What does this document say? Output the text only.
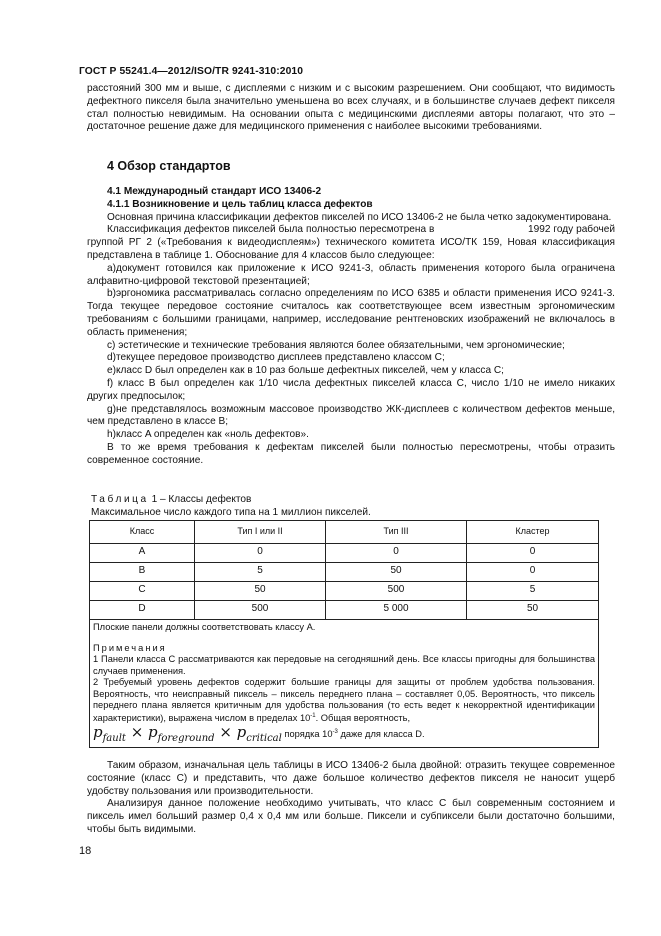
ГОСТ Р 55241.4—2012/ISO/TR 9241-310:2010

расстояний 300 мм и выше, с дисплеями с низким и с высоким разрешением. Они сообщают, что видимость дефектного пикселя была значительно уменьшена во всех случаях, и в большинстве случаев дефект пикселя стал полностью невидимым. На основании опыта с медицинскими дисплеями авторы полагают, что это – достаточное решение даже для медицинского применения с наиболее высокими требованиями.

4 Обзор стандартов
4.1 Международный стандарт ИСО 13406-2
4.1.1 Возникновение и цель таблиц класса дефектов

Основная причина классификации дефектов пикселей по ИСО 13406-2 не была четко задокументирована.

Классификация дефектов пикселей была полностью пересмотрена в                                1992 году рабочей группой РГ 2 («Требования к видеодисплеям») технического комитета ИСО/ТК 159, Новая классификация представлена в таблице 1. Обоснование для 4 классов было следующее:

a)документ готовился как приложение к ИСО 9241-3, область применения которого была ограничена алфавитно-цифровой текстовой презентацией;

b)эргономика рассматривалась согласно определениям по ИСО 6385 и области применения ИСО 9241-3. Тогда текущее передовое состояние считалось как соответствующее всем известным эргономическим требованиям с большими границами, например, исследование рентгеновских изображений не включалось в область применения;

c) эстетические и технические требования являются более обязательными, чем эргономические;

d)текущее передовое производство дисплеев представлено классом C;

e)класс D был определен как в 10 раз больше дефектных пикселей, чем у класса C;

f) класс B был определен как 1/10 числа дефектных пикселей класса C, число 1/10 не имело никаких других предпосылок;

g)не представлялось возможным массовое производство ЖК-дисплеев с количеством дефектов меньше, чем представлено в классе B;

h)класс A определен как «ноль дефектов».

В то же время требования к дефектам пикселей были полностью пересмотрены, чтобы отразить современное состояние.

Таблица 1 – Классы дефектов
Максимальное число каждого типа на 1 миллион пикселей.
Класс	Тип I или II	Тип III	Кластер
A	0	0	0
B	5	50	0
C	50	500	5
D	500	5 000	50

Плоские панели должны соответствовать классу A.

Примечания

1 Панели класса C рассматриваются как передовые на сегодняшний день. Все классы пригодны для большинства случаев применения.

2 Требуемый уровень дефектов содержит большие границы для защиты от проблем удобства пользования. Вероятность, что неисправный пиксель – пиксель переднего плана – составляет 0,05. Вероятность, что пиксель переднего плана является критичным для удобства пользования (то есть ведет к некорректной идентификации характеристики), выражена числом в пределах $10^{-1}$. Общая вероятность,

$p_{fault} \times p_{foreground} \times p_{critical}$ порядка $10^{-3}$ даже для класса D.			

Таким образом, изначальная цель таблицы в ИСО 13406-2 была двойной: отразить текущее современное состояние (класс C) и представить, что даже большое количество дефектов пикселя не наносит ущерб удобству пользования или производительности.

Анализируя данное положение необходимо учитывать, что класс C был современным состоянием и пиксель имел больший размер 0,4 х 0,4 мм или больше. Пиксели и субпиксели были достаточно большими, чтобы быть видимыми.

18
